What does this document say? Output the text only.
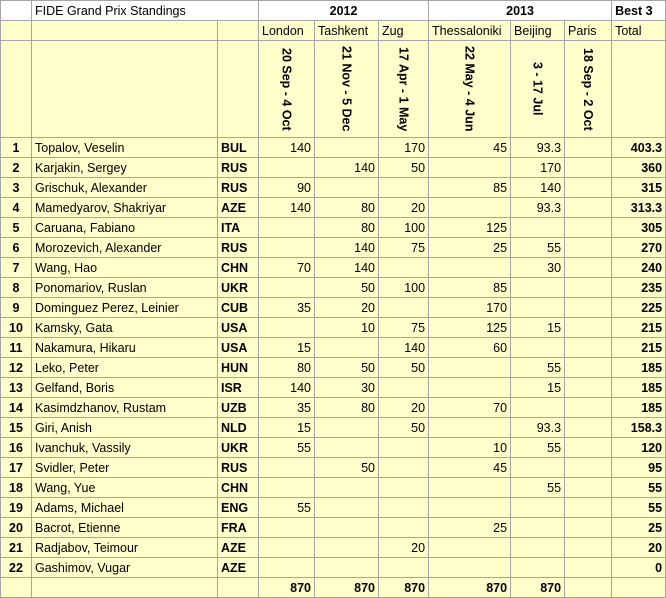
	FIDE Grand Prix Standings		2012			2013			Best 3
			London	Tashkent	Zug	Thessaloniki	Beijing	Paris	Total

			20 Sep - 4 Oct	21 Nov - 5 Dec	17 Apr - 1 May	22 May - 4 Jun	3 - 17 Jul	18 Sep - 2 Oct	

1	Topalov, Veselin	BUL	140		170	45	93.3		403.3
2	Karjakin, Sergey	RUS		140	50		170		360
3	Grischuk, Alexander	RUS	90			85	140		315
4	Mamedyarov, Shakriyar	AZE	140	80	20		93.3		313.3
5	Caruana, Fabiano	ITA		80	100	125			305
6	Morozevich, Alexander	RUS		140	75	25	55		270
7	Wang, Hao	CHN	70	140			30		240
8	Ponomariov, Ruslan	UKR		50	100	85			235
9	Dominguez Perez, Leinier	CUB	35	20		170			225
10	Kamsky, Gata	USA		10	75	125	15		215
11	Nakamura, Hikaru	USA	15		140	60			215
12	Leko, Peter	HUN	80	50	50		55		185
13	Gelfand, Boris	ISR	140	30			15		185
14	Kasimdzhanov, Rustam	UZB	35	80	20	70			185
15	Giri, Anish	NLD	15		50		93.3		158.3
16	Ivanchuk, Vassily	UKR	55			10	55		120
17	Svidler, Peter	RUS		50		45			95
18	Wang, Yue	CHN					55		55
19	Adams, Michael	ENG	55						55
20	Bacrot, Etienne	FRA				25			25
21	Radjabov, Teimour	AZE			20				20
22	Gashimov, Vugar	AZE							0
			870	870	870	870	870		
